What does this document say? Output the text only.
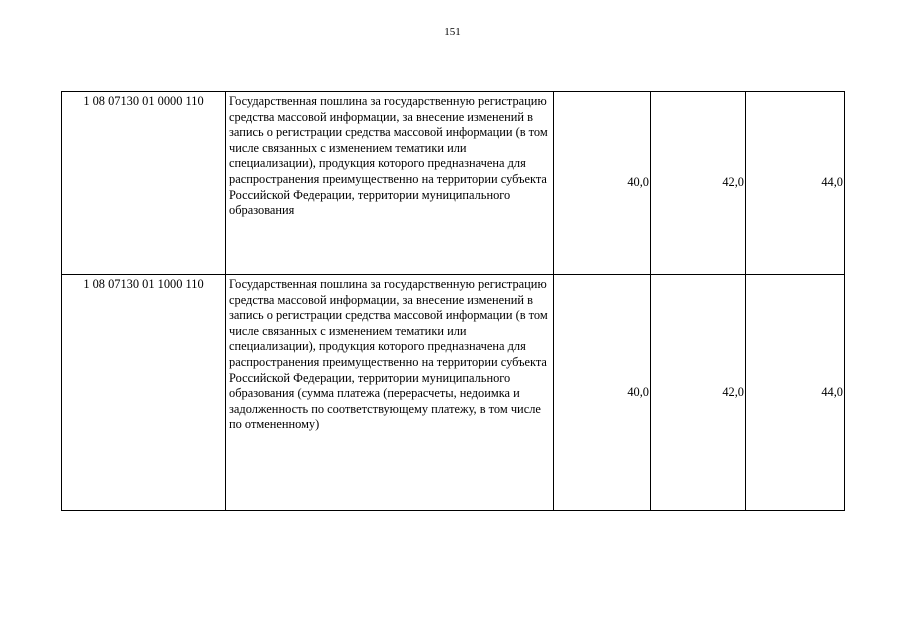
151
1 08 07130 01 0000 110	Государственная пошлина за государственную регистрацию средства массовой информации, за внесение изменений в запись о регистрации средства массовой информации (в том числе связанных с изменением тематики или специализации), продукция которого предназначена для распространения преимущественно на территории субъекта Российской Федерации, территории муниципального образования	40,0	42,0	44,0
1 08 07130 01 1000 110	Государственная пошлина за государственную регистрацию средства массовой информации, за внесение изменений в запись о регистрации средства массовой информации (в том числе связанных с изменением тематики или специализации), продукция которого предназначена для распространения преимущественно на территории субъекта Российской Федерации, территории муниципального образования (сумма платежа (перерасчеты, недоимка и задолженность по соответствующему платежу, в том числе по отмененному)	40,0	42,0	44,0
